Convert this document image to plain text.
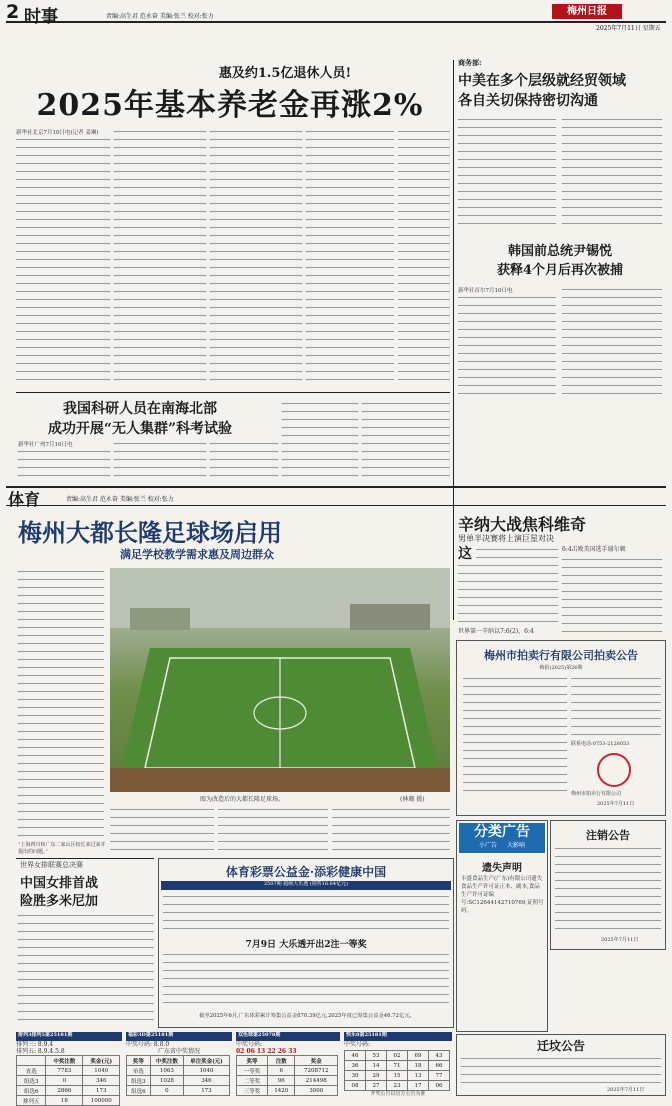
2 时事	责编:高生君 范永奋 美编:张兰 校对:张力	梅州日报
2025年7月11日 星期五
惠及约1.5亿退休人员!
2025年基本养老金再涨2%
新华社北京7月10日电(记者 姜琳)
商务部:
中美在多个层级就经贸领域
各自关切保持密切沟通
韩国前总统尹锡悦
获释4个月后再次被捕
新华社首尔7月10日电
我国科研人员在南海北部
成功开展“无人集群”科考试验
新华社广州7月10日电
体育	责编:高生君 范永奋 美编:张兰 校对:张力
梅州大都长隆足球场启用
满足学校教学需求惠及周边群众
图为改造后的大都长隆足球场。	(林珊 摄)
“上海四川和广东二家山区校长来过来并提出的问题。”
辛纳大战焦科维奇
男单半决赛将上演巨星对决
这
世界第一辛纳以7:6(2)、6:4
6:4击败美国选手谢尔顿
梅州市拍卖行有限公司拍卖公告
梅拍(2025)第26期
联系电话:0753-2128053
梅州市拍卖行有限公司
2025年7月11日
世界女排联赛总决赛
中国女排首战
险胜多米尼加
体育彩票公益金·添彩健康中国
2507期 超级大乐透 (销售16.64亿元)
7月9日 大乐透开出2注一等奖
截至2025年6月,广东体彩累计筹集公益金870.39亿元,2025年度已筹集公益金46.72亿元。
分类广告
小广告 大影响
遗失声明
丰盛食品生产(广东)有限公司遗失食品生产许可证正本、副本,食品生产许可证编号:SC12644142710769,证照号码。
注销公告
2025年7月11日
迁坟公告
2025年7月11日
排列3排列5第25181期
排列三: 8.9.4
排列五: 8.9.4.5.8
	中奖注数	奖金(元)
直选	7783	1040
组选3	0	346
组选6	2866	173
排列五	18	100000
福彩3D第25181期
中奖号码: 8.8.0
广东省中奖情况
奖等	中奖注数	单注奖金(元)
单选	1063	1040
组选3	1028	346
组选6	0	173
双色球第25078期
中奖号码:
02 06 13 22 26 33
奖等	注数	奖金
一等奖	6	7208712
二等奖	96	214498
三等奖	1420	3000
快乐8第25181期
中奖号码:
46	53	02	69	43
36	14	71	18	66
30	29	15	13	77
08	27	23	17	06
开奖公告以官方公告为准
